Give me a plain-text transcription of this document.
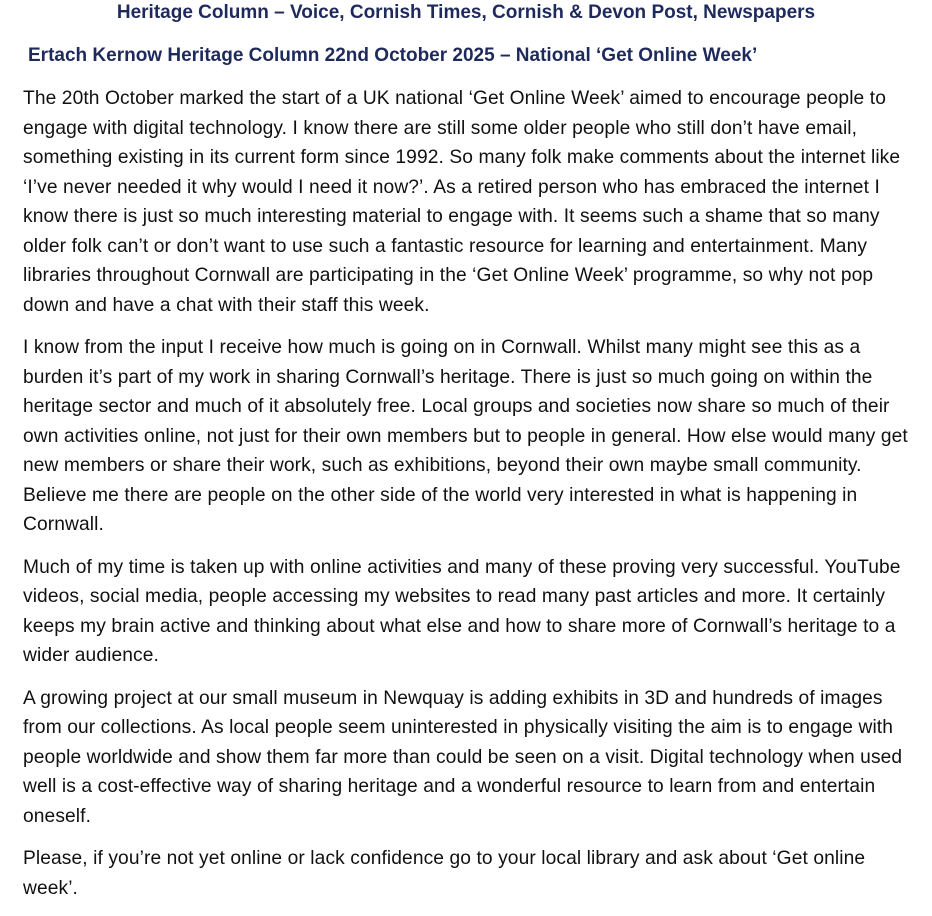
Heritage Column – Voice, Cornish Times, Cornish & Devon Post, Newspapers
Ertach Kernow Heritage Column 22nd October 2025 – National ‘Get Online Week’

The 20th October marked the start of a UK national ‘Get Online Week’ aimed to encourage people to engage with digital technology. I know there are still some older people who still don’t have email, something existing in its current form since 1992. So many folk make comments about the internet like ‘I’ve never needed it why would I need it now?’. As a retired person who has embraced the internet I know there is just so much interesting material to engage with. It seems such a shame that so many older folk can’t or don’t want to use such a fantastic resource for learning and entertainment. Many libraries throughout Cornwall are participating in the ‘Get Online Week’ programme, so why not pop down and have a chat with their staff this week.

I know from the input I receive how much is going on in Cornwall. Whilst many might see this as a burden it’s part of my work in sharing Cornwall’s heritage. There is just so much going on within the heritage sector and much of it absolutely free. Local groups and societies now share so much of their own activities online, not just for their own members but to people in general. How else would many get new members or share their work, such as exhibitions, beyond their own maybe small community. Believe me there are people on the other side of the world very interested in what is happening in Cornwall.

Much of my time is taken up with online activities and many of these proving very successful. YouTube videos, social media, people accessing my websites to read many past articles and more. It certainly keeps my brain active and thinking about what else and how to share more of Cornwall’s heritage to a wider audience.

A growing project at our small museum in Newquay is adding exhibits in 3D and hundreds of images from our collections. As local people seem uninterested in physically visiting the aim is to engage with people worldwide and show them far more than could be seen on a visit. Digital technology when used well is a cost-effective way of sharing heritage and a wonderful resource to learn from and entertain oneself.

Please, if you’re not yet online or lack confidence go to your local library and ask about ‘Get online week’.
